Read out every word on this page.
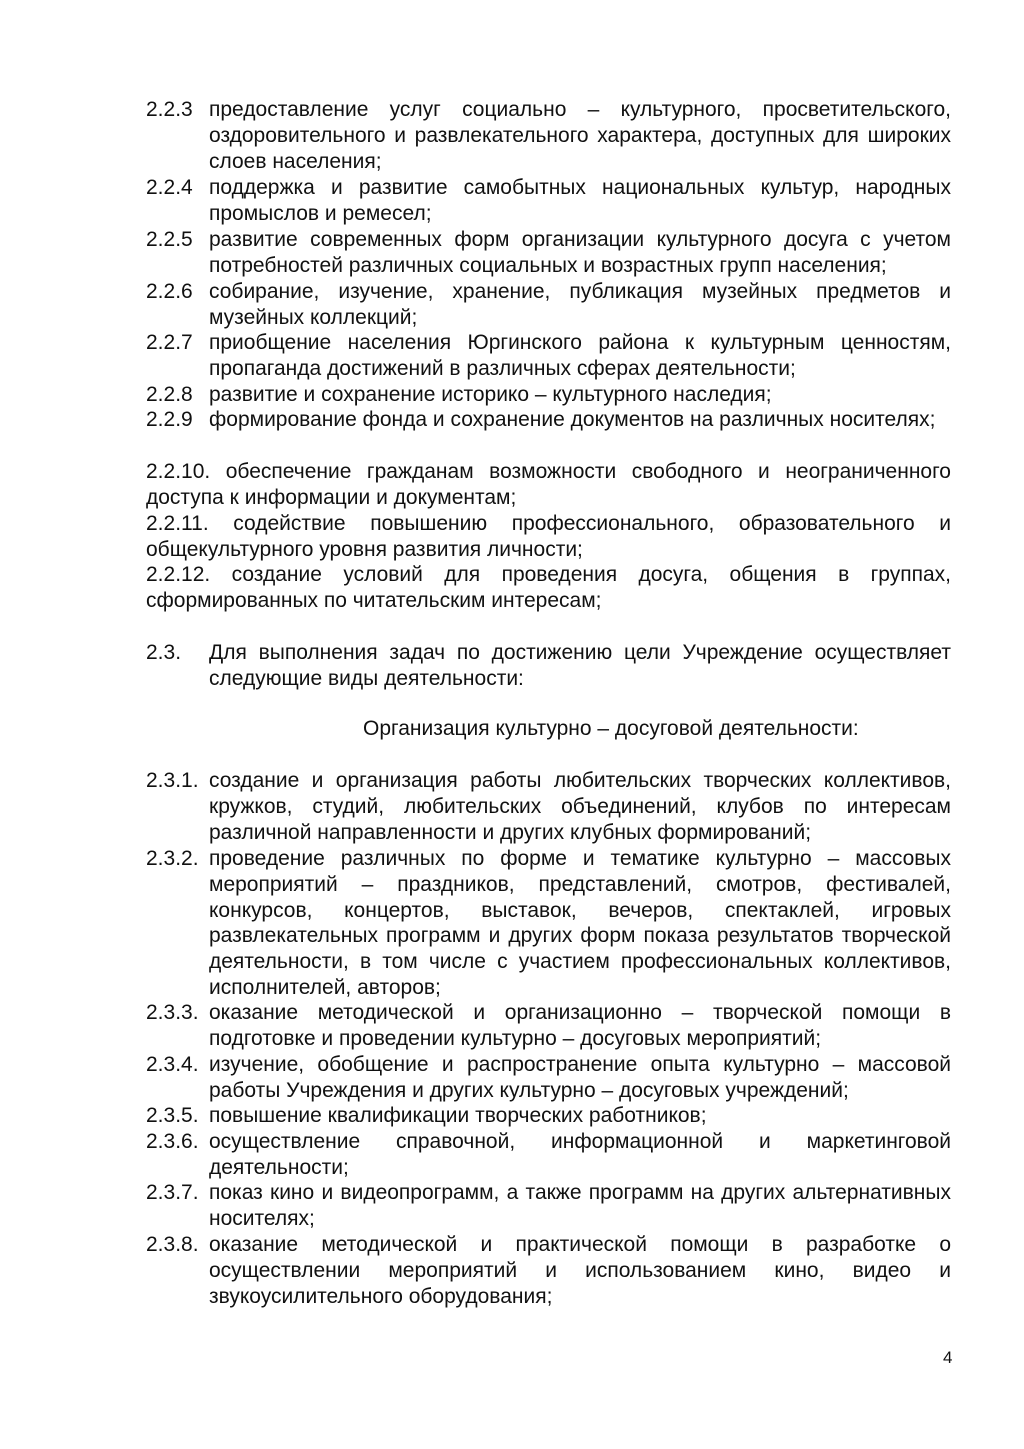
2.2.3 предоставление услуг социально – культурного, просветительского, оздоровительного и развлекательного характера, доступных для широких слоев населения;
2.2.4 поддержка и развитие самобытных национальных культур, народных промыслов и ремесел;
2.2.5 развитие современных форм организации культурного досуга с учетом потребностей различных социальных и возрастных групп населения;
2.2.6 собирание, изучение, хранение, публикация музейных предметов и музейных коллекций;
2.2.7 приобщение населения Юргинского района к культурным ценностям, пропаганда достижений в различных сферах деятельности;
2.2.8 развитие и сохранение историко – культурного наследия;
2.2.9 формирование фонда и сохранение документов на различных носителях;
2.2.10. обеспечение гражданам возможности свободного и неограниченного доступа к информации и документам;
2.2.11. содействие повышению профессионального, образовательного и общекультурного уровня развития личности;
2.2.12. создание условий для проведения досуга, общения в группах, сформированных по читательским интересам;
2.3. Для выполнения задач по достижению цели Учреждение осуществляет следующие виды деятельности:
Организация культурно – досуговой деятельности:
2.3.1. создание и организация работы любительских творческих коллективов, кружков, студий, любительских объединений, клубов по интересам различной направленности и других клубных формирований;
2.3.2. проведение различных по форме и тематике культурно – массовых мероприятий – праздников, представлений, смотров, фестивалей, конкурсов, концертов, выставок, вечеров, спектаклей, игровых развлекательных программ и других форм показа результатов творческой деятельности, в том числе с участием профессиональных коллективов, исполнителей, авторов;
2.3.3. оказание методической и организационно – творческой помощи в подготовке и проведении культурно – досуговых мероприятий;
2.3.4. изучение, обобщение и распространение опыта культурно – массовой работы Учреждения и других культурно – досуговых учреждений;
2.3.5. повышение квалификации творческих работников;
2.3.6. осуществление справочной, информационной и маркетинговой деятельности;
2.3.7. показ кино и видеопрограмм, а также программ на других альтернативных носителях;
2.3.8. оказание методической и практической помощи в разработке о осуществлении мероприятий и использованием кино, видео и звукоусилительного оборудования;
4
